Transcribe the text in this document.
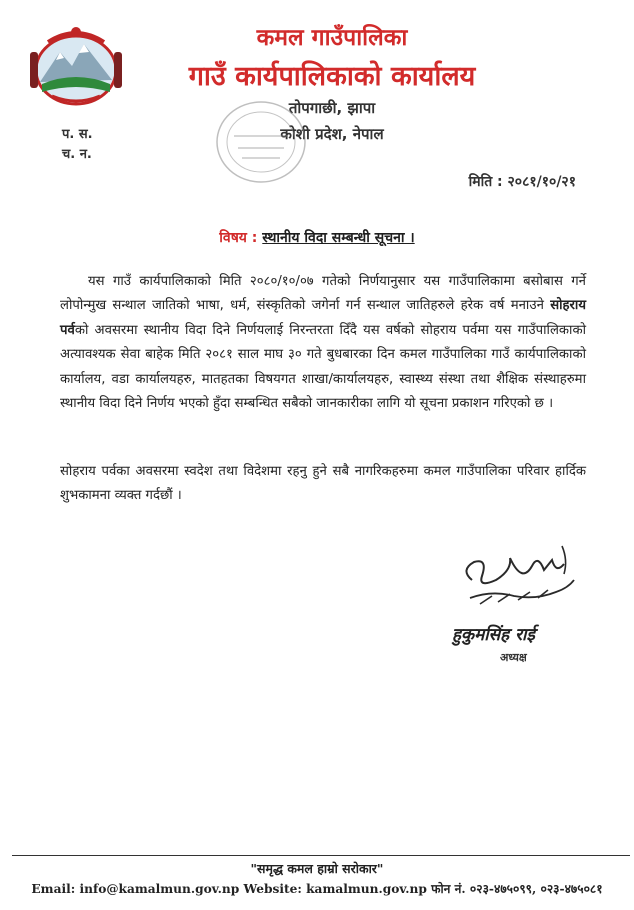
कमल गाउँपालिका
गाउँ कार्यपालिकाको कार्यालय
तोपगाछी, झापा
कोशी प्रदेश, नेपाल
प. स.
च. न.
मिति : २०८१/१०/२१
विषय : स्थानीय विदा सम्बन्धी सूचना ।
यस गाउँ कार्यपालिकाको मिति २०८०/१०/०७ गतेको निर्णयानुसार यस गाउँपालिकामा बसोबास गर्ने लोपोन्मुख सन्थाल जातिको भाषा, धर्म, संस्कृतिको जगेर्ना गर्न सन्थाल जातिहरुले हरेक वर्ष मनाउने सोहराय पर्वको अवसरमा स्थानीय विदा दिने निर्णयलाई निरन्तरता दिँदै यस वर्षको सोहराय पर्वमा यस गाउँपालिकाको अत्यावश्यक सेवा बाहेक मिति २०८१ साल माघ ३० गते बुधबारका दिन कमल गाउँपालिका गाउँ कार्यपालिकाको कार्यालय, वडा कार्यालयहरु, मातहतका विषयगत शाखा/कार्यालयहरु, स्वास्थ्य संस्था तथा शैक्षिक संस्थाहरुमा स्थानीय विदा दिने निर्णय भएको हुँदा सम्बन्धित सबैको जानकारीका लागि यो सूचना प्रकाशन गरिएको छ ।
सोहराय पर्वका अवसरमा स्वदेश तथा विदेशमा रहनु हुने सबै नागरिकहरुमा कमल गाउँपालिका परिवार हार्दिक शुभकामना व्यक्त गर्दछौं ।
हुकुमसिंह राई
अध्यक्ष
"समृद्ध कमल हाम्रो सरोकार"
Email: info@kamalmun.gov.np Website: kamalmun.gov.np फोन नं. ०२३-४७५०९९, ०२३-४७५०८१
